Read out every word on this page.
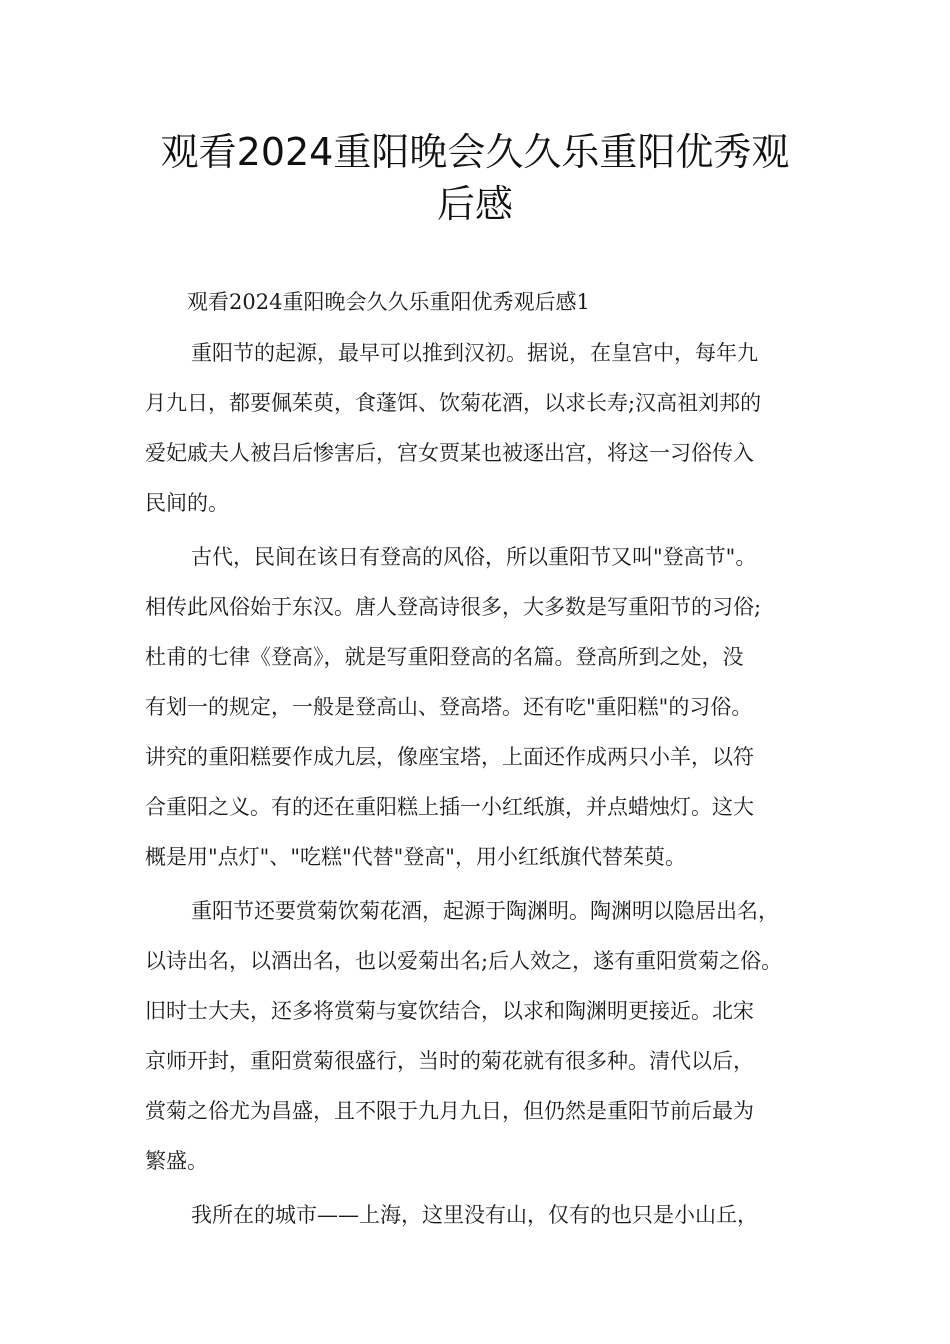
观看2024重阳晚会久久乐重阳优秀观
后感

观看2024重阳晚会久久乐重阳优秀观后感1

重阳节的起源，最早可以推到汉初。据说，在皇宫中，每年九
月九日，都要佩茱萸，食蓬饵、饮菊花酒，以求长寿;汉高祖刘邦的
爱妃戚夫人被吕后惨害后，宫女贾某也被逐出宫，将这一习俗传入
民间的。

古代，民间在该日有登高的风俗，所以重阳节又叫"登高节"。
相传此风俗始于东汉。唐人登高诗很多，大多数是写重阳节的习俗;
杜甫的七律《登高》，就是写重阳登高的名篇。登高所到之处，没
有划一的规定，一般是登高山、登高塔。还有吃"重阳糕"的习俗。
讲究的重阳糕要作成九层，像座宝塔，上面还作成两只小羊，以符
合重阳之义。有的还在重阳糕上插一小红纸旗，并点蜡烛灯。这大
概是用"点灯"、"吃糕"代替"登高"，用小红纸旗代替茱萸。

重阳节还要赏菊饮菊花酒，起源于陶渊明。陶渊明以隐居出名，
以诗出名，以酒出名，也以爱菊出名;后人效之，遂有重阳赏菊之俗。
旧时士大夫，还多将赏菊与宴饮结合，以求和陶渊明更接近。北宋
京师开封，重阳赏菊很盛行，当时的菊花就有很多种。清代以后，
赏菊之俗尤为昌盛，且不限于九月九日，但仍然是重阳节前后最为
繁盛。

我所在的城市——上海，这里没有山，仅有的也只是小山丘，
